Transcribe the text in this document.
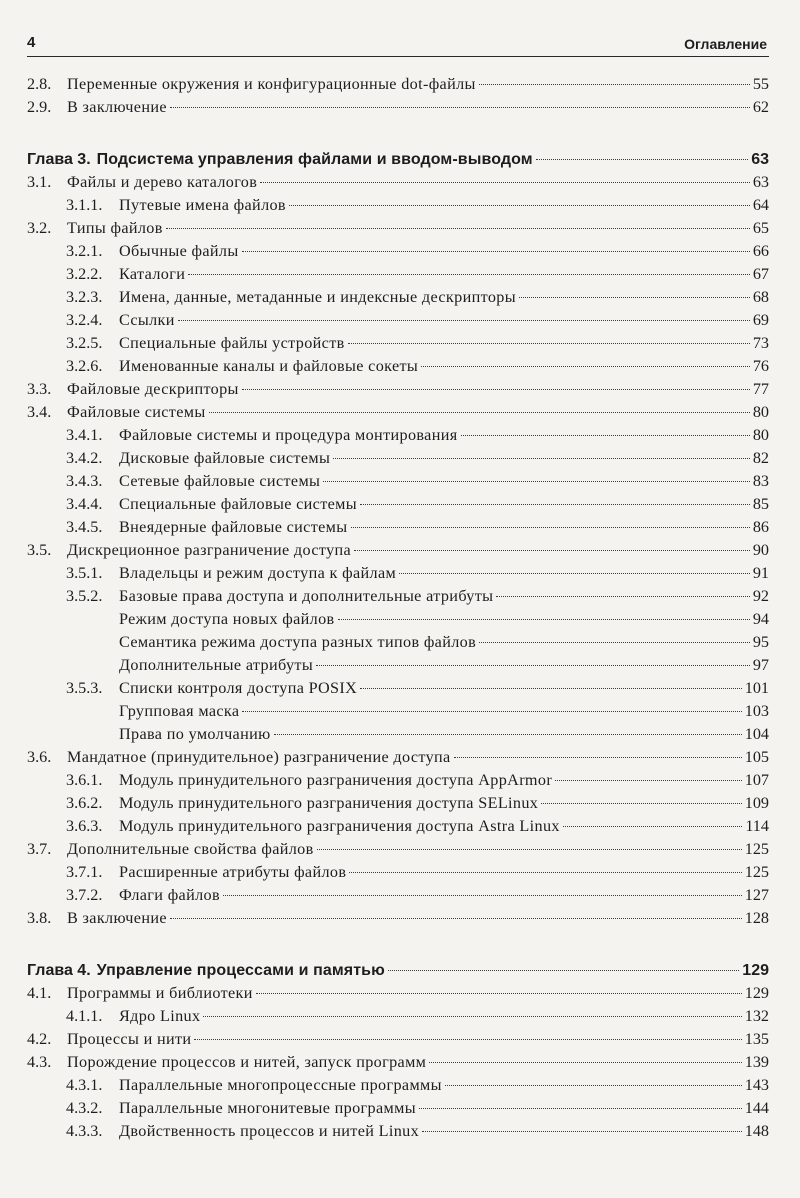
4	Оглавление
2.8. Переменные окружения и конфигурационные dot-файлы	55
2.9. В заключение	62
Глава 3. Подсистема управления файлами и вводом-выводом	63
3.1. Файлы и дерево каталогов	63
3.1.1.	Путевые имена файлов	64
3.2. Типы файлов	65
3.2.1.	Обычные файлы	66
3.2.2.	Каталоги	67
3.2.3.	Имена, данные, метаданные и индексные дескрипторы	68
3.2.4.	Ссылки	69
3.2.5.	Специальные файлы устройств	73
3.2.6.	Именованные каналы и файловые сокеты	76
3.3. Файловые дескрипторы	77
3.4. Файловые системы	80
3.4.1.	Файловые системы и процедура монтирования	80
3.4.2.	Дисковые файловые системы	82
3.4.3.	Сетевые файловые системы	83
3.4.4.	Специальные файловые системы	85
3.4.5.	Внеядерные файловые системы	86
3.5. Дискреционное разграничение доступа	90
3.5.1.	Владельцы и режим доступа к файлам	91
3.5.2.	Базовые права доступа и дополнительные атрибуты	92
Режим доступа новых файлов	94
Семантика режима доступа разных типов файлов	95
Дополнительные атрибуты	97
3.5.3.	Списки контроля доступа POSIX	101
Групповая маска	103
Права по умолчанию	104
3.6. Мандатное (принудительное) разграничение доступа	105
3.6.1.	Модуль принудительного разграничения доступа AppArmor	107
3.6.2.	Модуль принудительного разграничения доступа SELinux	109
3.6.3.	Модуль принудительного разграничения доступа Astra Linux	114
3.7. Дополнительные свойства файлов	125
3.7.1.	Расширенные атрибуты файлов	125
3.7.2.	Флаги файлов	127
3.8. В заключение	128
Глава 4. Управление процессами и памятью	129
4.1. Программы и библиотеки	129
4.1.1.	Ядро Linux	132
4.2. Процессы и нити	135
4.3. Порождение процессов и нитей, запуск программ	139
4.3.1.	Параллельные многопроцессные программы	143
4.3.2.	Параллельные многонитевые программы	144
4.3.3.	Двойственность процессов и нитей Linux	148
